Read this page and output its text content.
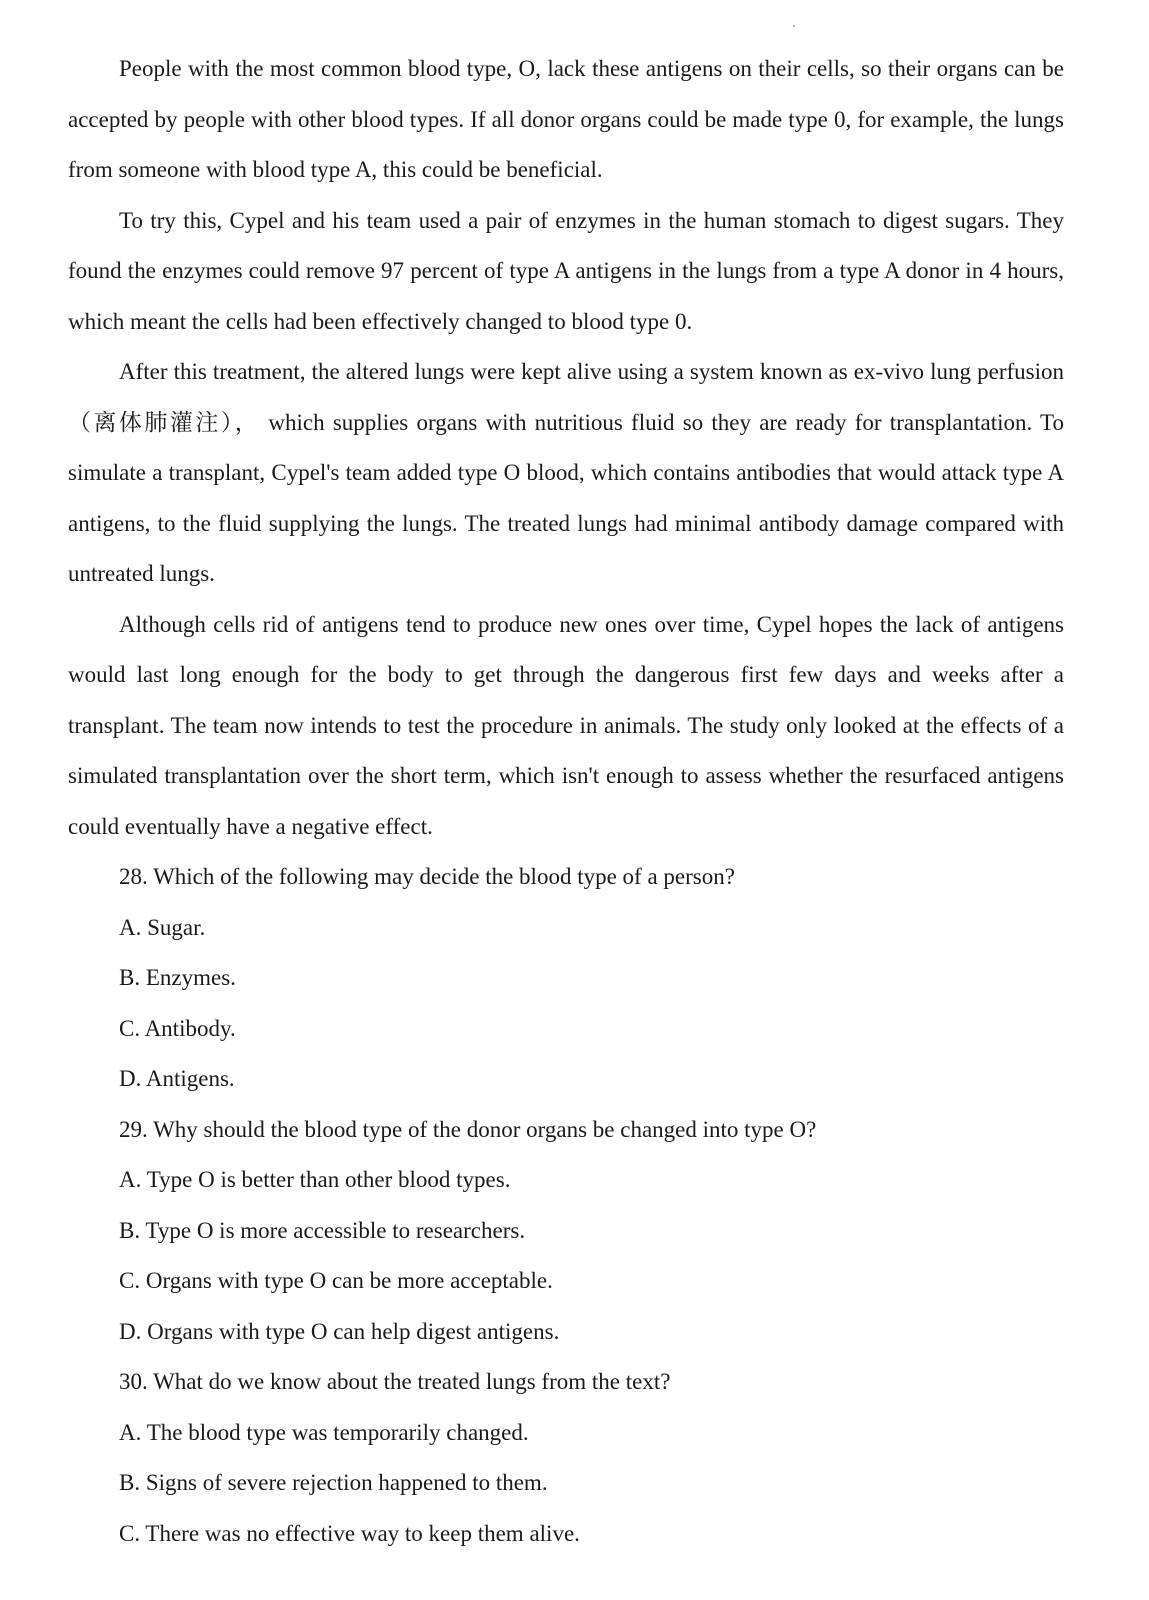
People with the most common blood type, O, lack these antigens on their cells, so their organs can be accepted by people with other blood types. If all donor organs could be made type 0, for example, the lungs from someone with blood type A, this could be beneficial.

To try this, Cypel and his team used a pair of enzymes in the human stomach to digest sugars. They found the enzymes could remove 97 percent of type A antigens in the lungs from a type A donor in 4 hours, which meant the cells had been effectively changed to blood type 0.

After this treatment, the altered lungs were kept alive using a system known as ex-vivo lung perfusion （离体肺灌注）， which supplies organs with nutritious fluid so they are ready for transplantation. To simulate a transplant, Cypel's team added type O blood, which contains antibodies that would attack type A antigens, to the fluid supplying the lungs. The treated lungs had minimal antibody damage compared with untreated lungs.

Although cells rid of antigens tend to produce new ones over time, Cypel hopes the lack of antigens would last long enough for the body to get through the dangerous first few days and weeks after a transplant. The team now intends to test the procedure in animals. The study only looked at the effects of a simulated transplantation over the short term, which isn't enough to assess whether the resurfaced antigens could eventually have a negative effect.

28. Which of the following may decide the blood type of a person?

A. Sugar.

B. Enzymes.

C. Antibody.

D. Antigens.

29. Why should the blood type of the donor organs be changed into type O?

A. Type O is better than other blood types.

B. Type O is more accessible to researchers.

C. Organs with type O can be more acceptable.

D. Organs with type O can help digest antigens.

30. What do we know about the treated lungs from the text?

A. The blood type was temporarily changed.

B. Signs of severe rejection happened to them.

C. There was no effective way to keep them alive.
